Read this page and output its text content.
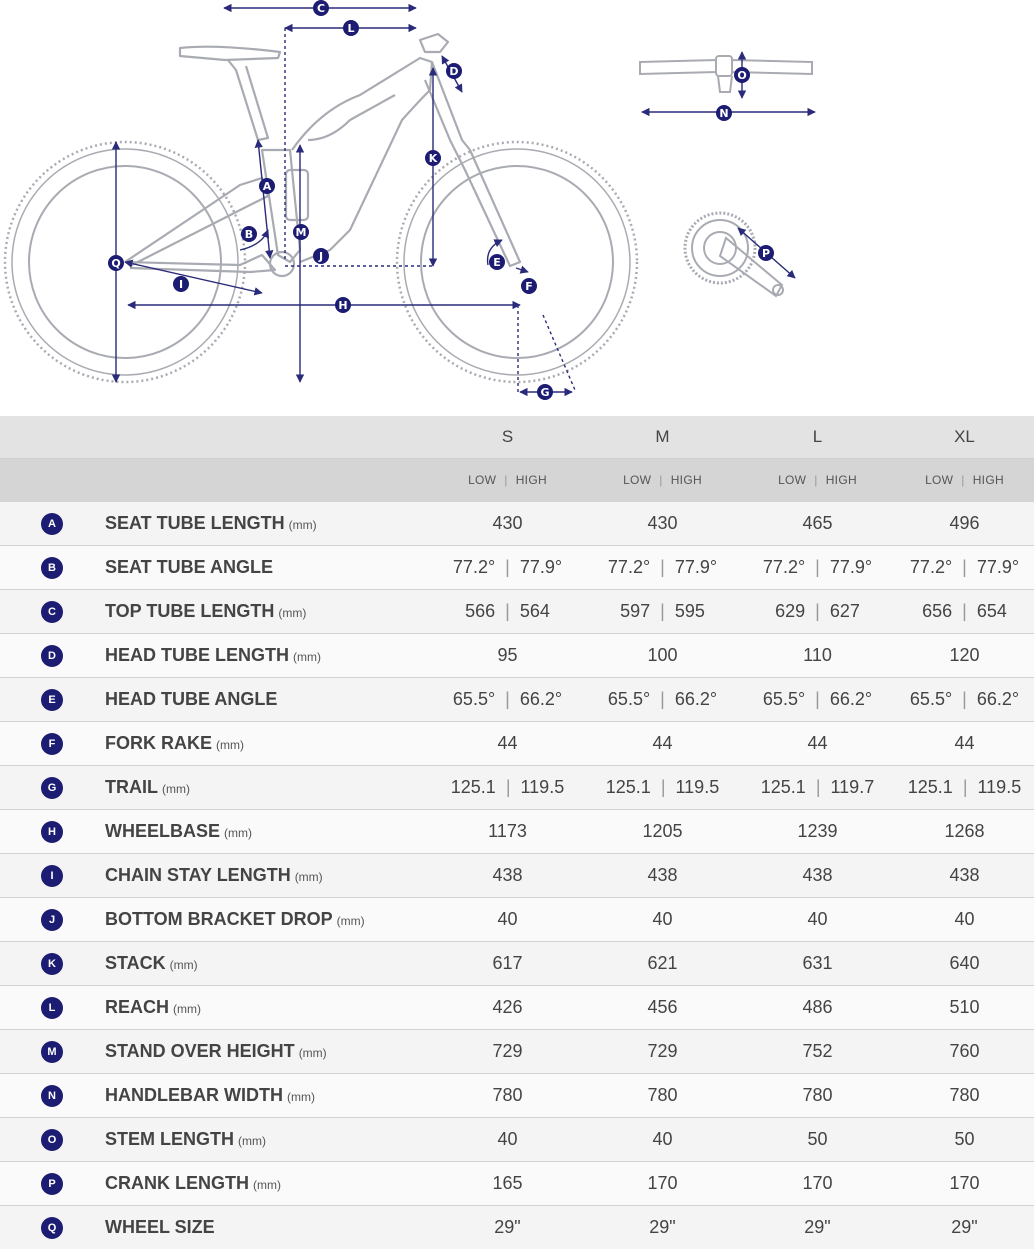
A
B
C
D
E
F
G
H
I
J
K
L
M
N
O
P
Q
		S	M	L	XL
		LOW | HIGH	LOW | HIGH	LOW | HIGH	LOW | HIGH
A	SEAT TUBE LENGTH (mm)	430	430	465	496
B	SEAT TUBE ANGLE	77.2° | 77.9°	77.2° | 77.9°	77.2° | 77.9°	77.2° | 77.9°
C	TOP TUBE LENGTH (mm)	566 | 564	597 | 595	629 | 627	656 | 654
D	HEAD TUBE LENGTH (mm)	95	100	110	120
E	HEAD TUBE ANGLE	65.5° | 66.2°	65.5° | 66.2°	65.5° | 66.2°	65.5° | 66.2°
F	FORK RAKE (mm)	44	44	44	44
G	TRAIL (mm)	125.1 | 119.5	125.1 | 119.5	125.1 | 119.7	125.1 | 119.5
H	WHEELBASE (mm)	1173	1205	1239	1268
I	CHAIN STAY LENGTH (mm)	438	438	438	438
J	BOTTOM BRACKET DROP (mm)	40	40	40	40
K	STACK (mm)	617	621	631	640
L	REACH (mm)	426	456	486	510
M	STAND OVER HEIGHT (mm)	729	729	752	760
N	HANDLEBAR WIDTH (mm)	780	780	780	780
O	STEM LENGTH (mm)	40	40	50	50
P	CRANK LENGTH (mm)	165	170	170	170
Q	WHEEL SIZE	29"	29"	29"	29"
